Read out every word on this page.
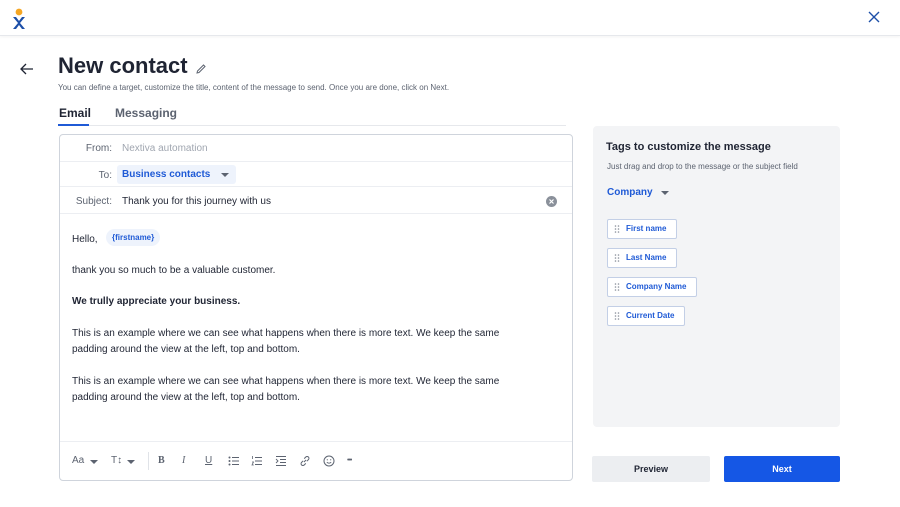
New contact
You can define a target, customize the title, content of the message to send. Once you are done, click on Next.
Email Messaging
From: Nextiva automation
To:	Business contacts
Subject: Thank you for this journey with us
Hello,	{firstname}
thank you so much to be a valuable customer.
We trully appreciate your business.
This is an example where we can see what happens when there is more text. We keep the same padding around the view at the left, top and bottom.
This is an example where we can see what happens when there is more text. We keep the same padding around the view at the left, top and bottom.
Aa	T↕	B I U	•••
Tags to customize the message
Just drag and drop to the message or the subject field
Company
First name
Last Name
Company Name
Current Date
Preview	Next
